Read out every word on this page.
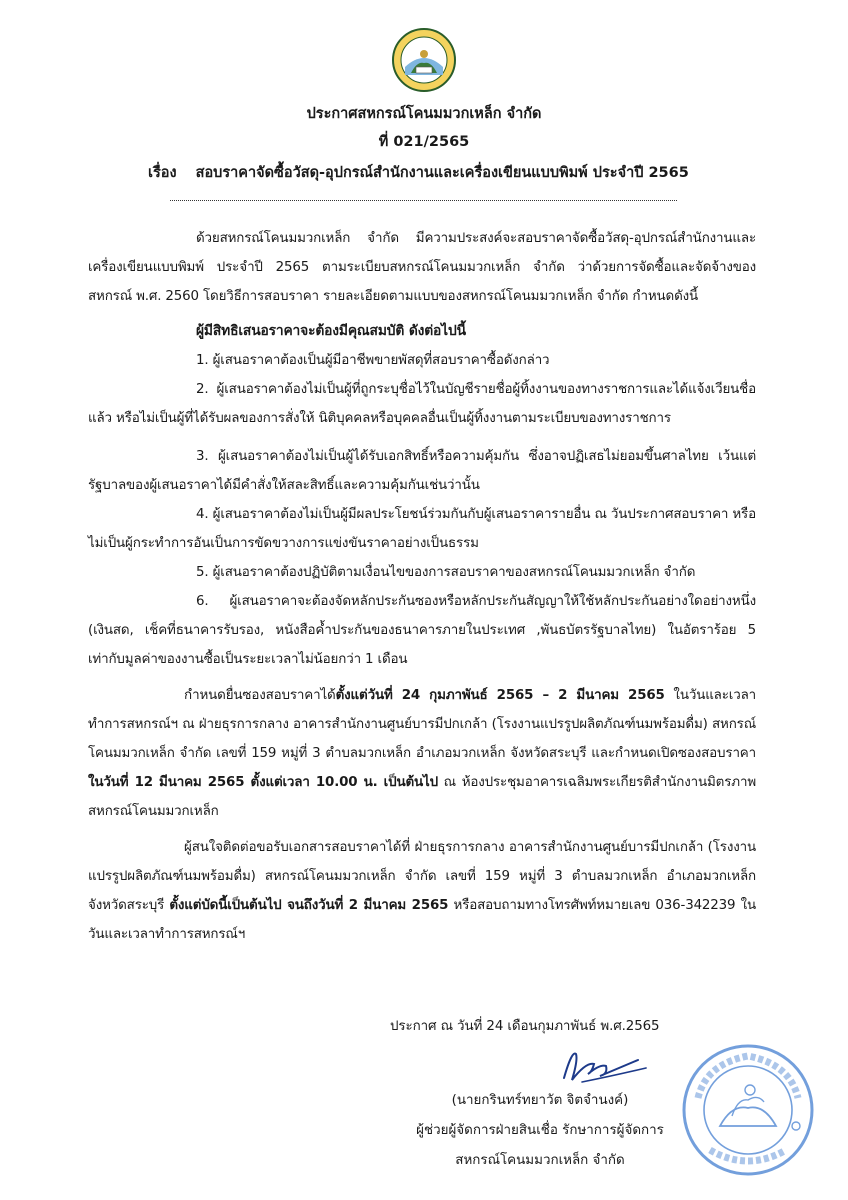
ประกาศสหกรณ์โคนมมวกเหล็ก จำกัด
ที่ 021/2565
เรื่อง สอบราคาจัดซื้อวัสดุ-อุปกรณ์สำนักงานและเครื่องเขียนแบบพิมพ์ ประจำปี 2565

ด้วยสหกรณ์โคนมมวกเหล็ก จำกัด มีความประสงค์จะสอบราคาจัดซื้อวัสดุ-อุปกรณ์สำนักงานและเครื่องเขียนแบบพิมพ์ ประจำปี 2565 ตามระเบียบสหกรณ์โคนมมวกเหล็ก จำกัด ว่าด้วยการจัดซื้อและจัดจ้างของสหกรณ์ พ.ศ. 2560 โดยวิธีการสอบราคา รายละเอียดตามแบบของสหกรณ์โคนมมวกเหล็ก จำกัด กำหนดดังนี้

ผู้มีสิทธิเสนอราคาจะต้องมีคุณสมบัติ ดังต่อไปนี้

1. ผู้เสนอราคาต้องเป็นผู้มีอาชีพขายพัสดุที่สอบราคาซื้อดังกล่าว

2. ผู้เสนอราคาต้องไม่เป็นผู้ที่ถูกระบุชื่อไว้ในบัญชีรายชื่อผู้ทิ้งงานของทางราชการและได้แจ้งเวียนชื่อแล้ว หรือไม่เป็นผู้ที่ได้รับผลของการสั่งให้ นิติบุคคลหรือบุคคลอื่นเป็นผู้ทิ้งงานตามระเบียบของทางราชการ

3. ผู้เสนอราคาต้องไม่เป็นผู้ได้รับเอกสิทธิ์หรือความคุ้มกัน ซึ่งอาจปฏิเสธไม่ยอมขึ้นศาลไทย เว้นแต่รัฐบาลของผู้เสนอราคาได้มีคำสั่งให้สละสิทธิ์และความคุ้มกันเช่นว่านั้น

4. ผู้เสนอราคาต้องไม่เป็นผู้มีผลประโยชน์ร่วมกันกับผู้เสนอราคารายอื่น ณ วันประกาศสอบราคา หรือไม่เป็นผู้กระทำการอันเป็นการขัดขวางการแข่งขันราคาอย่างเป็นธรรม

5. ผู้เสนอราคาต้องปฏิบัติตามเงื่อนไขของการสอบราคาของสหกรณ์โคนมมวกเหล็ก จำกัด

6. ผู้เสนอราคาจะต้องจัดหลักประกันซองหรือหลักประกันสัญญาให้ใช้หลักประกันอย่างใดอย่างหนึ่ง (เงินสด, เช็คที่ธนาคารรับรอง, หนังสือค้ำประกันของธนาคารภายในประเทศ ,พันธบัตรรัฐบาลไทย) ในอัตราร้อย 5 เท่ากับมูลค่าของงานซื้อเป็นระยะเวลาไม่น้อยกว่า 1 เดือน

กำหนดยื่นซองสอบราคาได้ตั้งแต่วันที่ 24 กุมภาพันธ์ 2565 – 2 มีนาคม 2565 ในวันและเวลาทำการสหกรณ์ฯ ณ ฝ่ายธุรการกลาง อาคารสำนักงานศูนย์บารมีปกเกล้า (โรงงานแปรรูปผลิตภัณฑ์นมพร้อมดื่ม) สหกรณ์โคนมมวกเหล็ก จำกัด เลขที่ 159 หมู่ที่ 3 ตำบลมวกเหล็ก อำเภอมวกเหล็ก จังหวัดสระบุรี และกำหนดเปิดซองสอบราคา ในวันที่ 12 มีนาคม 2565 ตั้งแต่เวลา 10.00 น. เป็นต้นไป ณ ห้องประชุมอาคารเฉลิมพระเกียรติสำนักงานมิตรภาพ สหกรณ์โคนมมวกเหล็ก

ผู้สนใจติดต่อขอรับเอกสารสอบราคาได้ที่ ฝ่ายธุรการกลาง อาคารสำนักงานศูนย์บารมีปกเกล้า (โรงงานแปรรูปผลิตภัณฑ์นมพร้อมดื่ม) สหกรณ์โคนมมวกเหล็ก จำกัด เลขที่ 159 หมู่ที่ 3 ตำบลมวกเหล็ก อำเภอมวกเหล็ก จังหวัดสระบุรี ตั้งแต่บัดนี้เป็นต้นไป จนถึงวันที่ 2 มีนาคม 2565 หรือสอบถามทางโทรศัพท์หมายเลข 036-342239 ในวันและเวลาทำการสหกรณ์ฯ

ประกาศ ณ วันที่ 24 เดือนกุมภาพันธ์ พ.ศ.2565
(นายกรินทร์ทยาวัต จิตจำนงค์)
ผู้ช่วยผู้จัดการฝ่ายสินเชื่อ รักษาการผู้จัดการ
สหกรณ์โคนมมวกเหล็ก จำกัด
